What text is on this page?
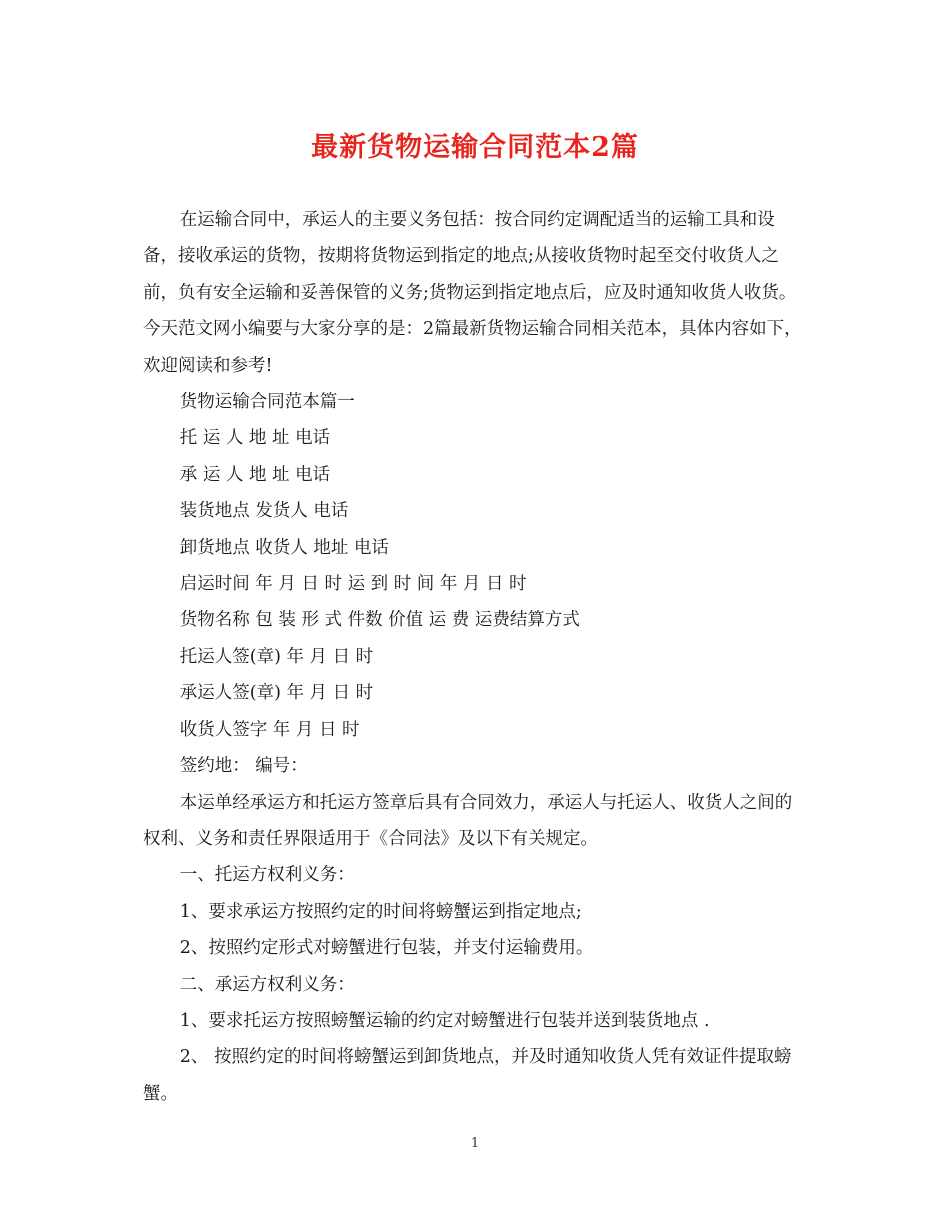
最新货物运输合同范本2篇

在运输合同中，承运人的主要义务包括：按合同约定调配适当的运输工具和设备，接收承运的货物，按期将货物运到指定的地点;从接收货物时起至交付收货人之前，负有安全运输和妥善保管的义务;货物运到指定地点后，应及时通知收货人收货。今天范文网小编要与大家分享的是：2篇最新货物运输合同相关范本，具体内容如下，欢迎阅读和参考!

货物运输合同范本篇一

托 运 人 地 址 电话

承 运 人 地 址 电话

装货地点 发货人 电话

卸货地点 收货人 地址 电话

启运时间 年 月 日 时 运 到 时 间 年 月 日 时

货物名称 包 装 形 式 件数 价值 运 费 运费结算方式

托运人签(章) 年 月 日 时

承运人签(章) 年 月 日 时

收货人签字 年 月 日 时

签约地： 编号：

本运单经承运方和托运方签章后具有合同效力，承运人与托运人、收货人之间的权利、义务和责任界限适用于《合同法》及以下有关规定。

一、托运方权利义务：

1、要求承运方按照约定的时间将螃蟹运到指定地点;

2、按照约定形式对螃蟹进行包装，并支付运输费用。

二、承运方权利义务：

1、要求托运方按照螃蟹运输的约定对螃蟹进行包装并送到装货地点 .

2、 按照约定的时间将螃蟹运到卸货地点，并及时通知收货人凭有效证件提取螃蟹。

1
